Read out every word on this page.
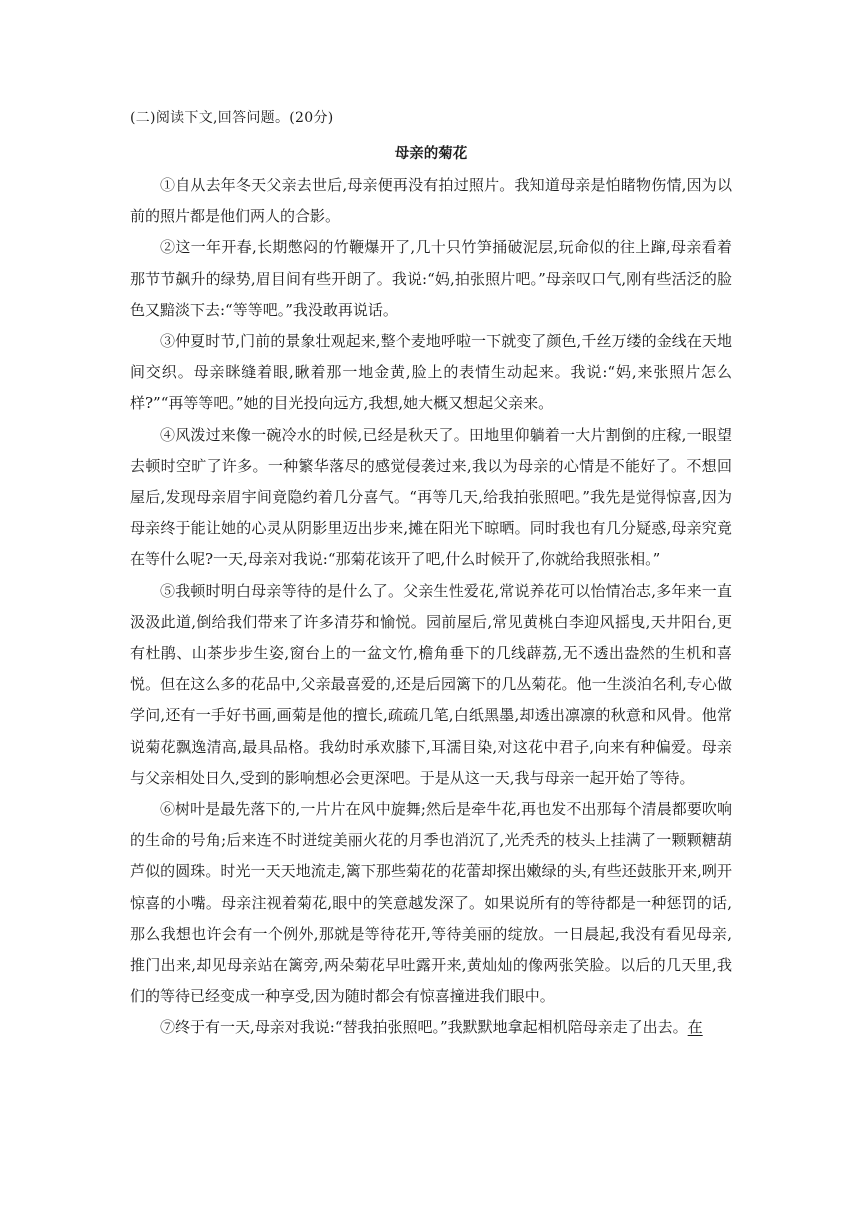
(二)阅读下文,回答问题。(20分)

母亲的菊花

①自从去年冬天父亲去世后,母亲便再没有拍过照片。我知道母亲是怕睹物伤情,因为以前的照片都是他们两人的合影。

②这一年开春,长期憋闷的竹鞭爆开了,几十只竹笋捅破泥层,玩命似的往上蹿,母亲看着那节节飙升的绿势,眉目间有些开朗了。我说:“妈,拍张照片吧。”母亲叹口气,刚有些活泛的脸色又黯淡下去:“等等吧。”我没敢再说话。

③仲夏时节,门前的景象壮观起来,整个麦地呼啦一下就变了颜色,千丝万缕的金线在天地间交织。母亲眯缝着眼,瞅着那一地金黄,脸上的表情生动起来。我说:“妈,来张照片怎么样?”“再等等吧。”她的目光投向远方,我想,她大概又想起父亲来。

④风泼过来像一碗冷水的时候,已经是秋天了。田地里仰躺着一大片割倒的庄稼,一眼望去顿时空旷了许多。一种繁华落尽的感觉侵袭过来,我以为母亲的心情是不能好了。不想回屋后,发现母亲眉宇间竟隐约着几分喜气。“再等几天,给我拍张照吧。”我先是觉得惊喜,因为母亲终于能让她的心灵从阴影里迈出步来,摊在阳光下晾晒。同时我也有几分疑惑,母亲究竟在等什么呢?一天,母亲对我说:“那菊花该开了吧,什么时候开了,你就给我照张相。”

⑤我顿时明白母亲等待的是什么了。父亲生性爱花,常说养花可以怡情冶志,多年来一直汲汲此道,倒给我们带来了许多清芬和愉悦。园前屋后,常见黄桃白李迎风摇曳,天井阳台,更有杜鹃、山茶步步生姿,窗台上的一盆文竹,檐角垂下的几线薜荔,无不透出盎然的生机和喜悦。但在这么多的花品中,父亲最喜爱的,还是后园篱下的几丛菊花。他一生淡泊名利,专心做学问,还有一手好书画,画菊是他的擅长,疏疏几笔,白纸黑墨,却透出凛凛的秋意和风骨。他常说菊花飘逸清高,最具品格。我幼时承欢膝下,耳濡目染,对这花中君子,向来有种偏爱。母亲与父亲相处日久,受到的影响想必会更深吧。于是从这一天,我与母亲一起开始了等待。

⑥树叶是最先落下的,一片片在风中旋舞;然后是牵牛花,再也发不出那每个清晨都要吹响的生命的号角;后来连不时迸绽美丽火花的月季也消沉了,光秃秃的枝头上挂满了一颗颗糖葫芦似的圆珠。时光一天天地流走,篱下那些菊花的花蕾却探出嫩绿的头,有些还鼓胀开来,咧开惊喜的小嘴。母亲注视着菊花,眼中的笑意越发深了。如果说所有的等待都是一种惩罚的话,那么我想也许会有一个例外,那就是等待花开,等待美丽的绽放。一日晨起,我没有看见母亲,推门出来,却见母亲站在篱旁,两朵菊花早吐露开来,黄灿灿的像两张笑脸。以后的几天里,我们的等待已经变成一种享受,因为随时都会有惊喜撞进我们眼中。

⑦终于有一天,母亲对我说:“替我拍张照吧。”我默默地拿起相机陪母亲走了出去。在
